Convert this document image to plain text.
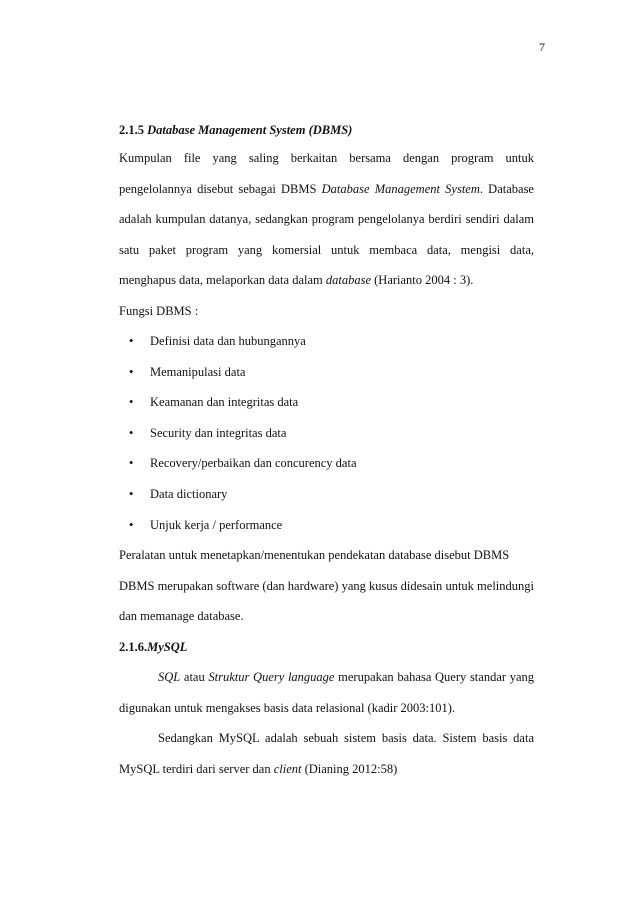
7

2.1.5 Database Management System (DBMS)

Kumpulan file yang saling berkaitan bersama dengan program untuk pengelolannya disebut sebagai DBMS Database Management System. Database adalah kumpulan datanya, sedangkan program pengelolanya berdiri sendiri dalam satu paket program yang komersial untuk membaca data, mengisi data, menghapus data, melaporkan data dalam database (Harianto 2004 : 3).

Fungsi DBMS :

• Definisi data dan hubungannya
• Memanipulasi data
• Keamanan dan integritas data
• Security dan integritas data
• Recovery/perbaikan dan concurency data
• Data dictionary
• Unjuk kerja / performance

Peralatan untuk menetapkan/menentukan pendekatan database disebut DBMS

DBMS merupakan software (dan hardware) yang kusus didesain untuk melindungi dan memanage database.

2.1.6.MySQL

SQL atau Struktur Query language merupakan bahasa Query standar yang digunakan untuk mengakses basis data relasional (kadir 2003:101).

Sedangkan MySQL adalah sebuah sistem basis data. Sistem basis data MySQL terdiri dari server dan client (Dianing 2012:58)
